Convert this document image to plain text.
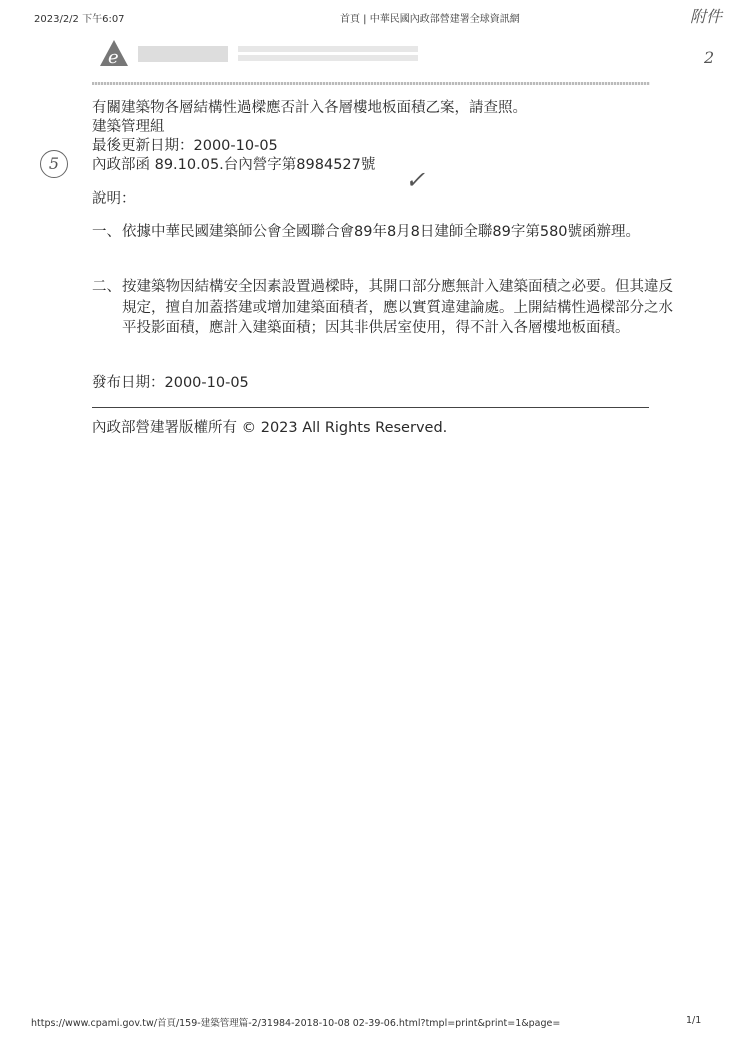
2023/2/2 下午6:07	首頁 | 中華民國內政部營建署全球資訊網	附件
2
e
有關建築物各層結構性過樑應否計入各層樓地板面積乙案，請查照。
建築管理組
最後更新日期：2000-10-05
內政部函 89.10.05.台內營字第8984527號
5
✓
說明：
一、 依據中華民國建築師公會全國聯合會89年8月8日建師全聯89字第580號函辦理。
二、 按建築物因結構安全因素設置過樑時，其開口部分應無計入建築面積之必要。但其違反規定，擅自加蓋搭建或增加建築面積者，應以實質違建論處。上開結構性過樑部分之水平投影面積，應計入建築面積；因其非供居室使用，得不計入各層樓地板面積。
發布日期：2000-10-05
內政部營建署版權所有 © 2023 All Rights Reserved.
https://www.cpami.gov.tw/首頁/159-建築管理篇-2/31984-2018-10-08 02-39-06.html?tmpl=print&print=1&page=	1/1
